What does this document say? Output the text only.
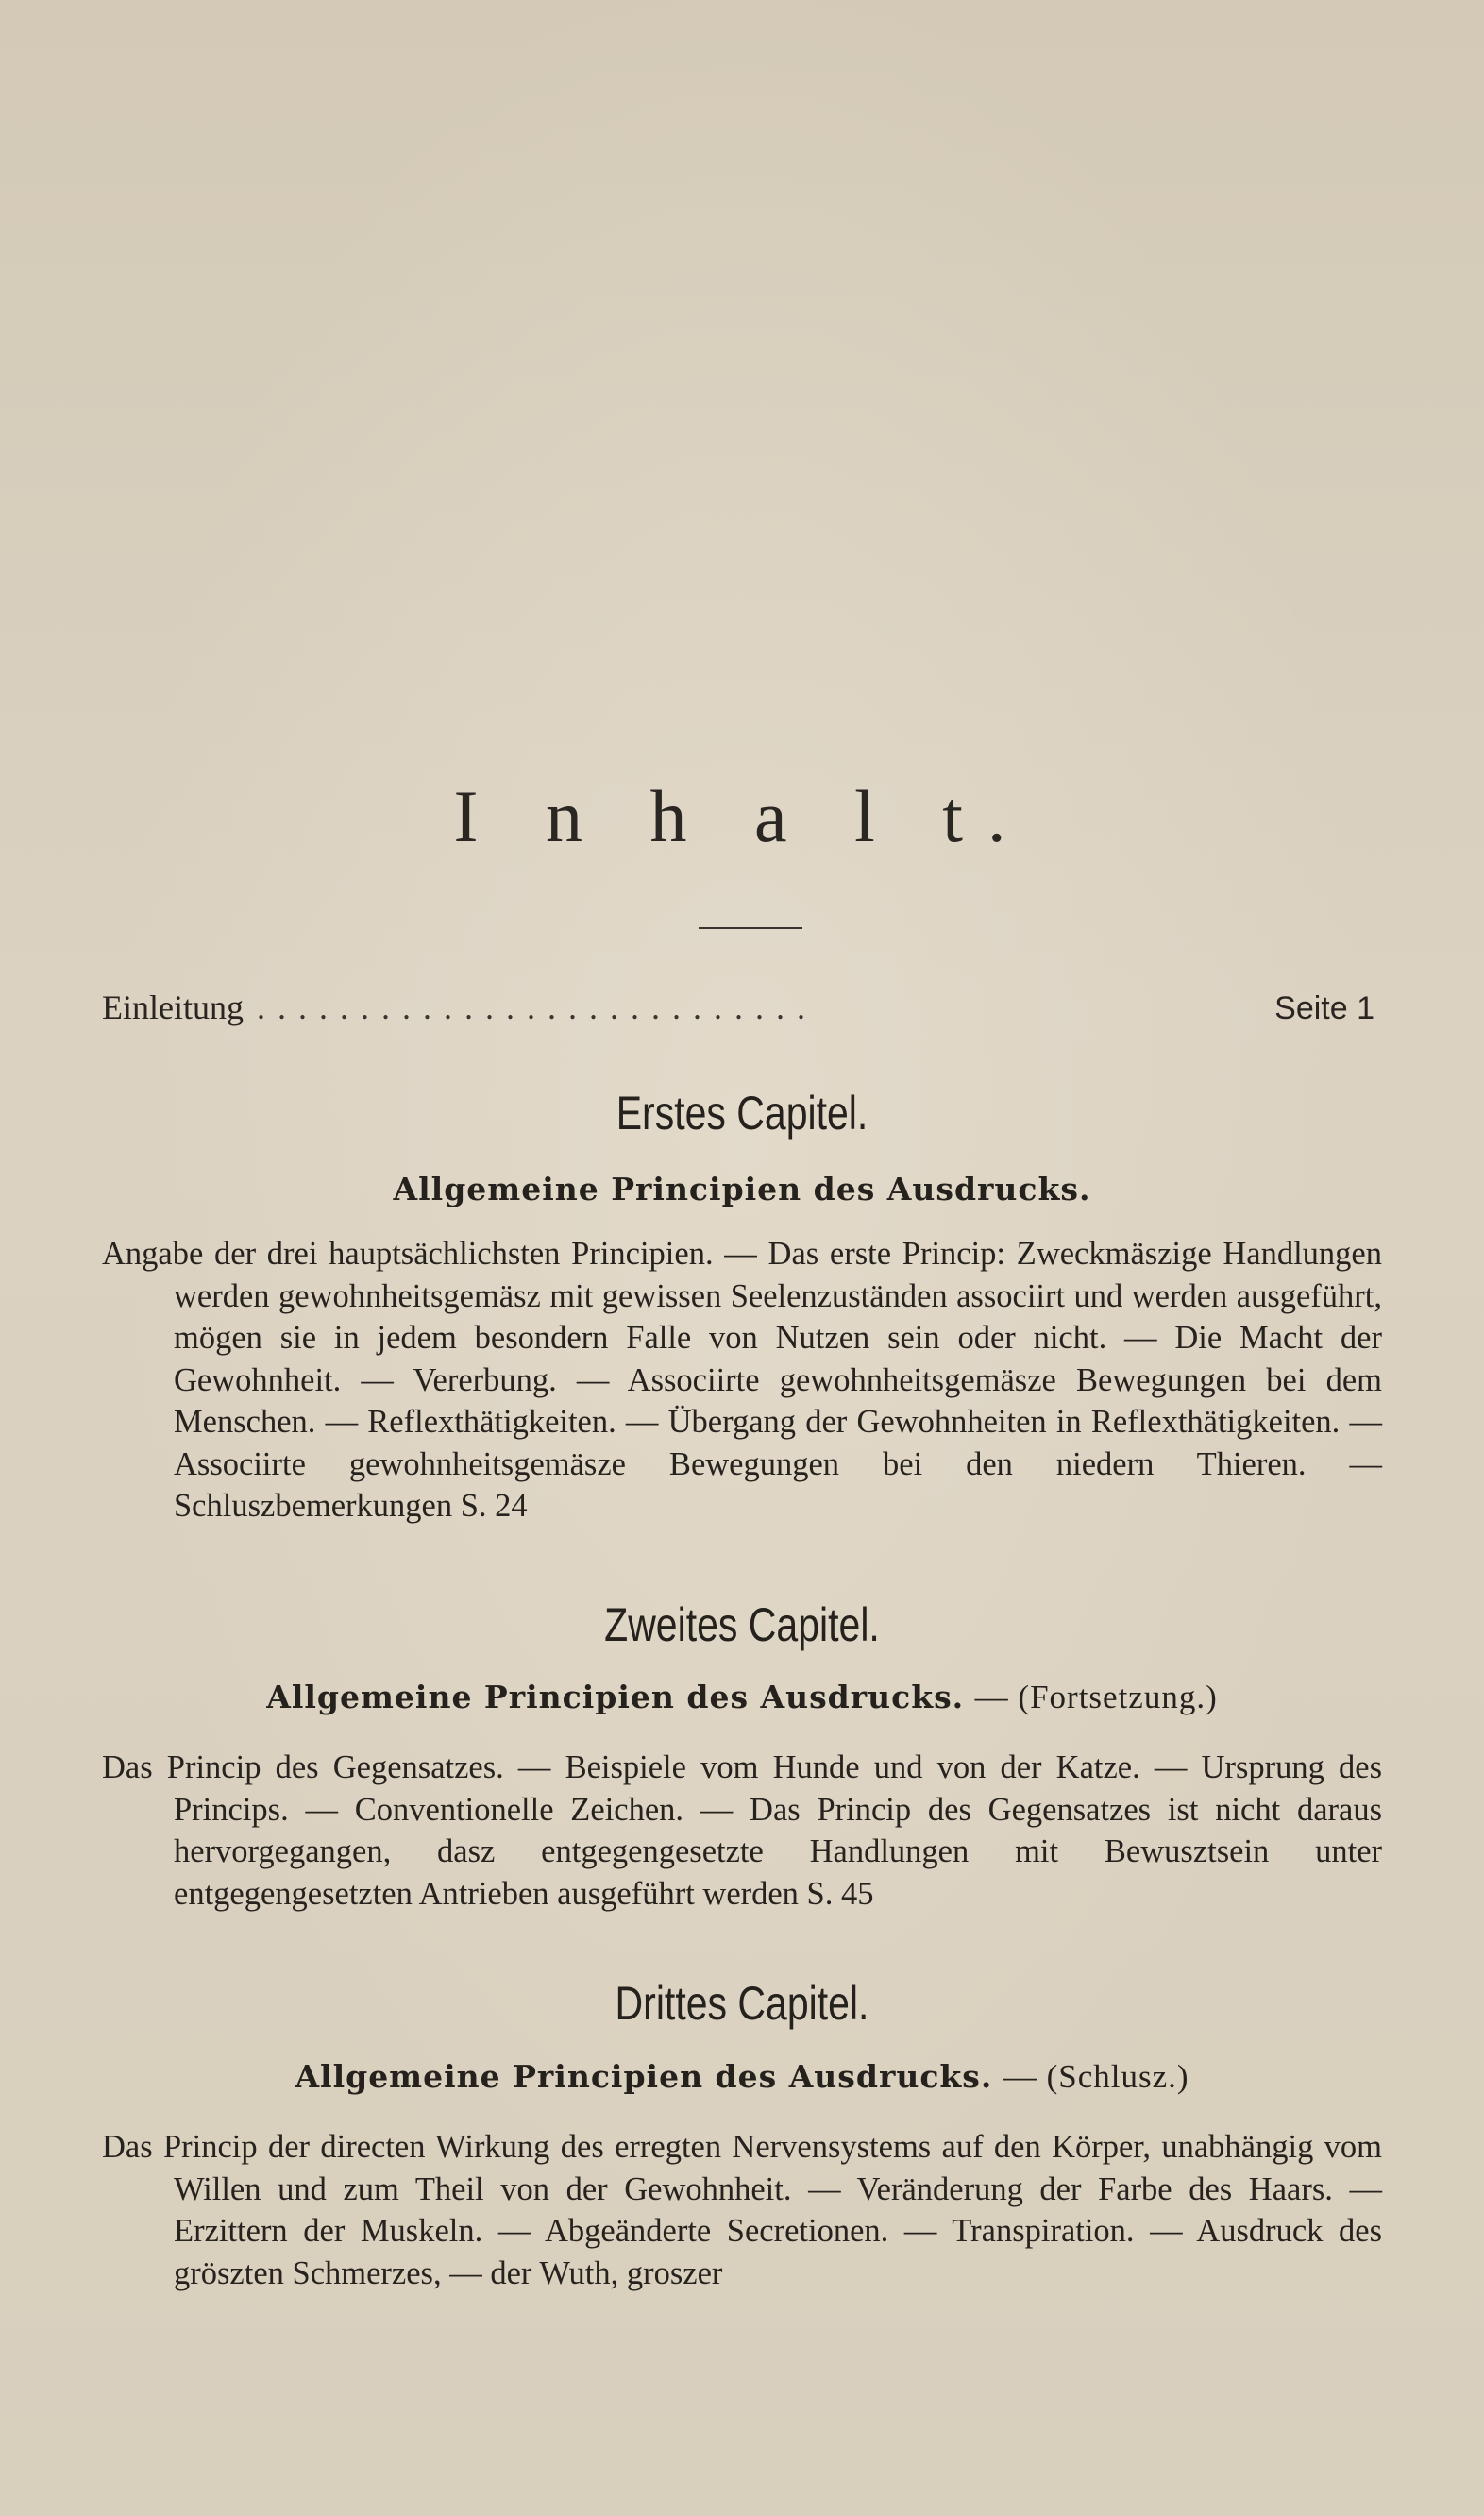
I n h a l t.
Einleitung ...........................	Seite 1
Erstes Capitel.
Allgemeine Principien des Ausdrucks.
Angabe der drei hauptsächlichsten Principien. — Das erste Princip: Zweckmäszige Handlungen werden gewohnheitsgemäsz mit gewissen Seelenzuständen associirt und werden ausgeführt, mögen sie in jedem besondern Falle von Nutzen sein oder nicht. — Die Macht der Gewohnheit. — Vererbung. — Associirte gewohnheitsgemäsze Bewegungen bei dem Menschen. — Reflexthätigkeiten. — Übergang der Gewohnheiten in Reflexthätigkeiten. — Associirte gewohnheitsgemäsze Bewegungen bei den niedern Thieren. — Schluszbemerkungen S. 24
Zweites Capitel.
Allgemeine Principien des Ausdrucks. — (Fortsetzung.)
Das Princip des Gegensatzes. — Beispiele vom Hunde und von der Katze. — Ursprung des Princips. — Conventionelle Zeichen. — Das Princip des Gegensatzes ist nicht daraus hervorgegangen, dasz entgegengesetzte Handlungen mit Bewusztsein unter entgegengesetzten Antrieben ausgeführt werden S. 45
Drittes Capitel.
Allgemeine Principien des Ausdrucks. — (Schlusz.)
Das Princip der directen Wirkung des erregten Nervensystems auf den Körper, unabhängig vom Willen und zum Theil von der Gewohnheit. — Veränderung der Farbe des Haars. — Erzittern der Muskeln. — Abgeänderte Secretionen. — Transpiration. — Ausdruck des gröszten Schmerzes, — der Wuth, groszer
